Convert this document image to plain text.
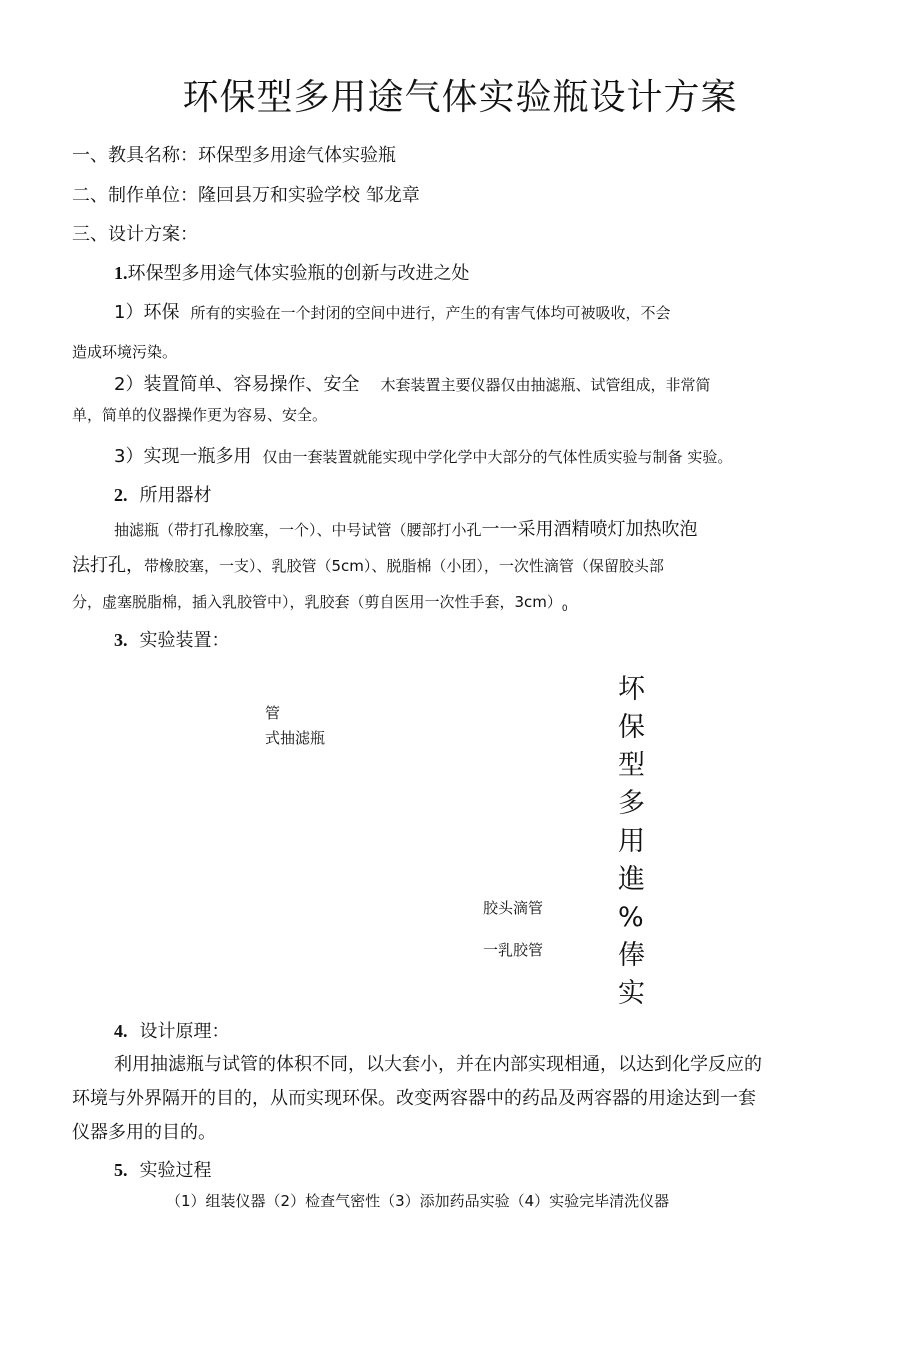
环保型多用途气体实验瓶设计方案
一、教具名称：环保型多用途气体实验瓶
二、制作单位：隆回县万和实验学校 邹龙章
三、设计方案：
1.环保型多用途气体实验瓶的创新与改进之处
1）环保 所有的实验在一个封闭的空间中进行，产生的有害气体均可被吸收，不会
造成环境污染。
2）装置简单、容易操作、安全 木套装置主要仪器仅由抽滤瓶、试管组成，非常简
单，简单的仪器操作更为容易、安全。
3）实现一瓶多用 仅由一套装置就能实现中学化学中大部分的气体性质实验与制备 实验。
2. 所用器材
抽滤瓶（带打孔橡胶塞，一个）、中号试管（腰部打小孔一一采用酒精喷灯加热吹泡
法打孔，带橡胶塞，一支）、乳胶管（5cm）、脱脂棉（小团），一次性滴管（保留胶头部
分，虚塞脱脂棉，插入乳胶管中），乳胶套（剪自医用一次性手套，$3cm)_0$
3. 实验装置：
管
式抽滤瓶
胶头滴管
一乳胶管
坏
保
型
多
用
進
%
俸
实
4. 设计原理：
利用抽滤瓶与试管的体积不同，以大套小，并在内部实现相通，以达到化学反应的
环境与外界隔开的目的，从而实现环保。改变两容器中的药品及两容器的用途达到一套
仪器多用的目的。
5. 实验过程
（1）组装仪器（2）检查气密性（3）添加药品实验（4）实验完毕清洗仪器
